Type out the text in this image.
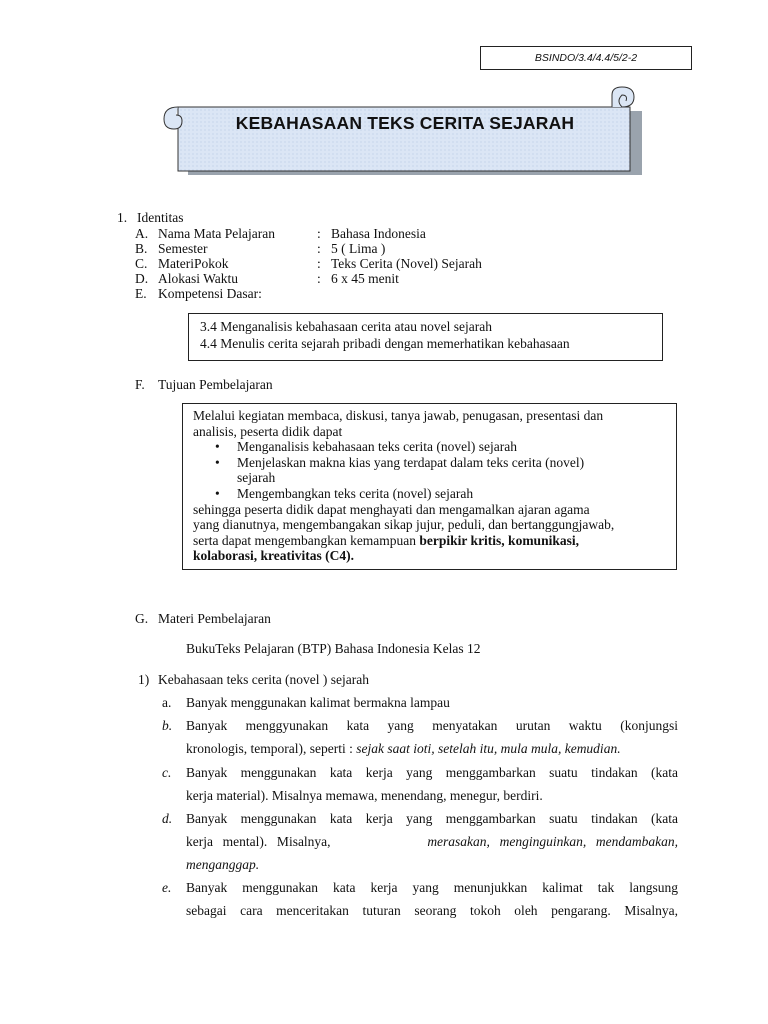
BSINDO/3.4/4.4/5/2-2
KEBAHASAAN TEKS CERITA SEJARAH
1. Identitas
A. Nama Mata Pelajaran	: Bahasa Indonesia
B. Semester	: 5 ( Lima )
C. MateriPokok	: Teks Cerita (Novel) Sejarah
D. Alokasi Waktu	: 6 x 45 menit
E. Kompetensi Dasar:
3.4 Menganalisis kebahasaan cerita atau novel sejarah
4.4 Menulis cerita sejarah pribadi dengan memerhatikan kebahasaan
F. Tujuan Pembelajaran

Melalui kegiatan membaca, diskusi, tanya jawab, penugasan, presentasi dan

analisis, peserta didik dapat

• Menganalisis kebahasaan teks cerita (novel) sejarah
• Menjelaskan makna kias yang terdapat dalam teks cerita (novel)
sejarah
• Mengembangkan teks cerita (novel) sejarah

sehingga peserta didik dapat menghayati dan mengamalkan ajaran agama

yang dianutnya, mengembangakan sikap jujur, peduli, dan bertanggungjawab,

serta dapat mengembangkan kemampuan berpikir kritis, komunikasi,

kolaborasi, kreativitas (C4).

G. Materi Pembelajaran
BukuTeks Pelajaran (BTP) Bahasa Indonesia Kelas 12
1) Kebahasaan teks cerita (novel ) sejarah
a. Banyak menggunakan kalimat bermakna lampau
b. Banyak menggyunakan kata yang menyatakan urutan waktu (konjungsi
kronologis, temporal), seperti : sejak saat ioti, setelah itu, mula mula, kemudian.
c. Banyak menggunakan kata kerja yang menggambarkan suatu tindakan (kata
kerja material). Misalnya memawa, menendang, menegur, berdiri.
d. Banyak menggunakan kata kerja yang menggambarkan suatu tindakan (kata
kerja mental). Misalnya,	merasakan, menginguinkan, mendambakan,
menganggap.
e. Banyak menggunakan kata kerja yang menunjukkan kalimat tak langsung
sebagai cara menceritakan tuturan seorang tokoh oleh pengarang. Misalnya,
